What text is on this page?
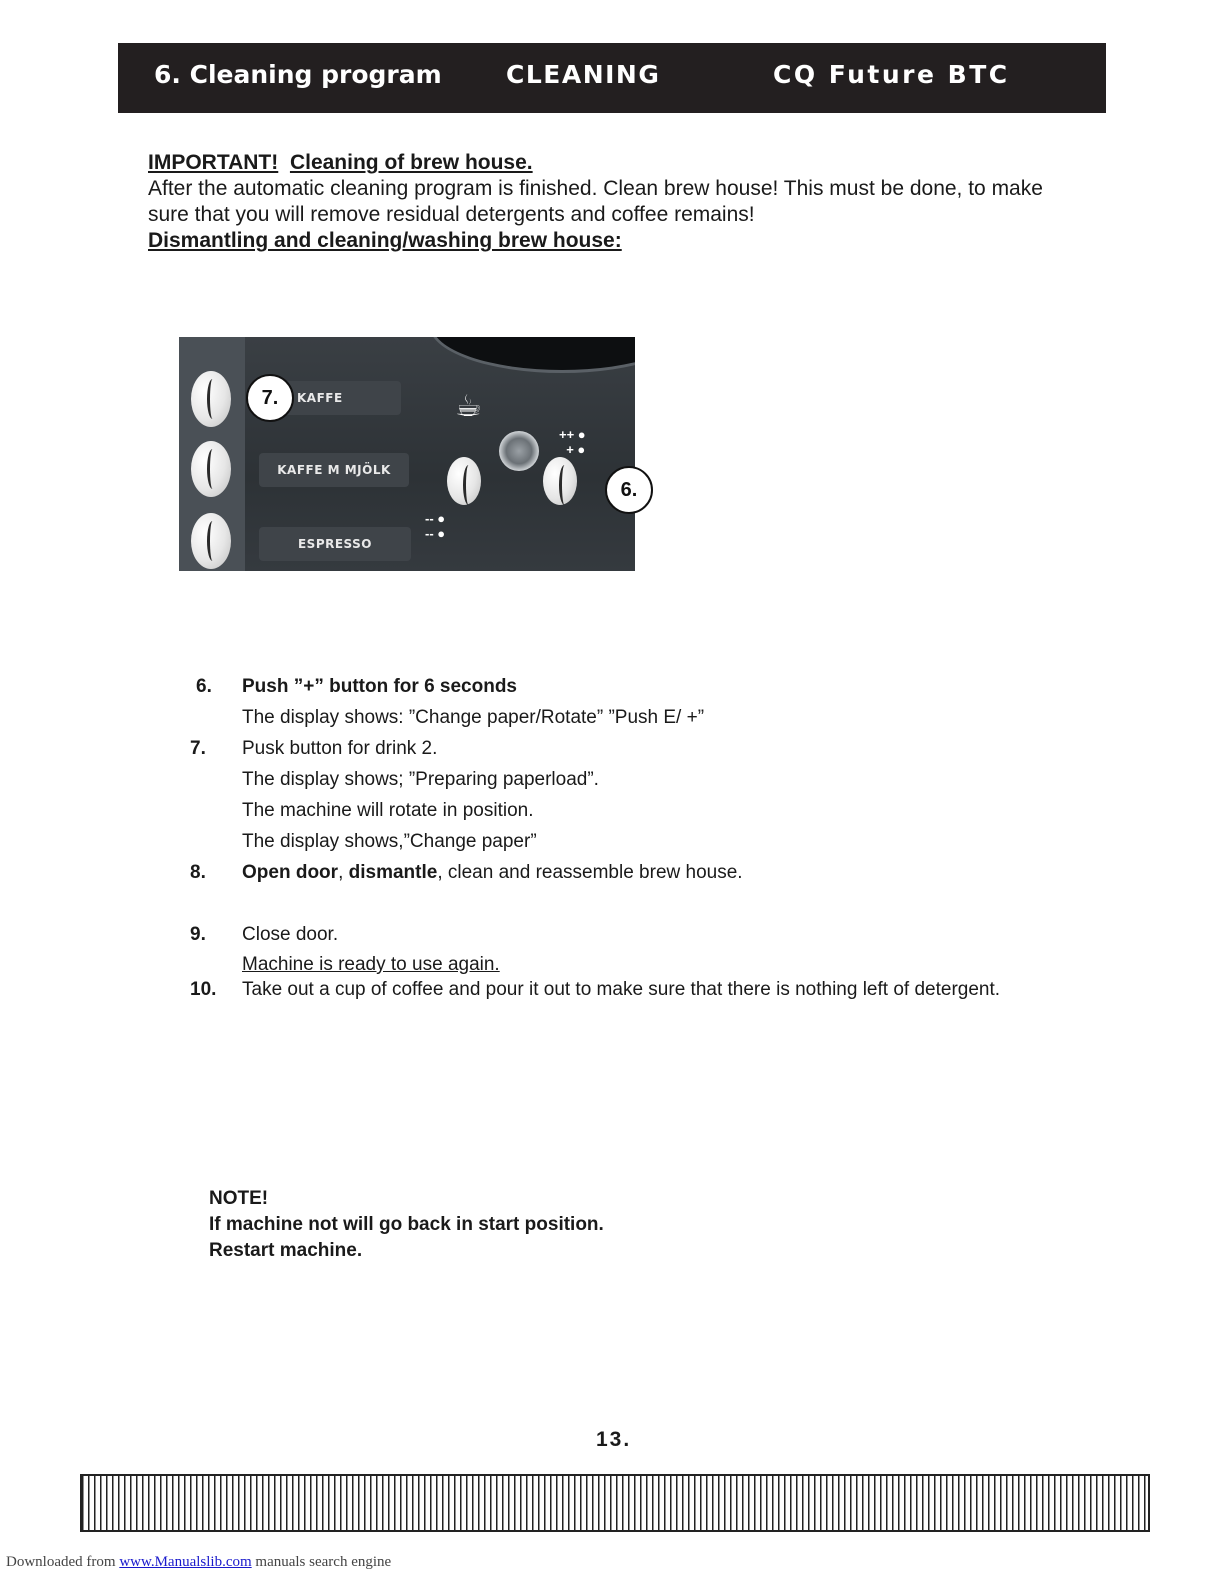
6. Cleaning program	CLEANING	CQ Future BTC

IMPORTANT! Cleaning of brew house.

After the automatic cleaning program is finished. Clean brew house! This must be done, to make

sure that you will remove residual detergents and coffee remains!

Dismantling and cleaning/washing brew house:

KAFFE
KAFFE M MJÖLK
ESPRESSO
☕
++ ●
+ ●
-- ●
-- ●
7.
6.
6. Push ”+” button for 6 seconds
The display shows: ”Change paper/Rotate” ”Push E/ +”
7. Pusk button for drink 2.
The display shows; ”Preparing paperload”.
The machine will rotate in position.
The display shows,”Change paper”
8. Open door, dismantle, clean and reassemble brew house.
9. Close door.
Machine is ready to use again.
10. Take out a cup of coffee and pour it out to make sure that there is nothing left of detergent.
NOTE!
If machine not will go back in start position.
Restart machine.
13.
Downloaded from www.Manualslib.com manuals search engine
